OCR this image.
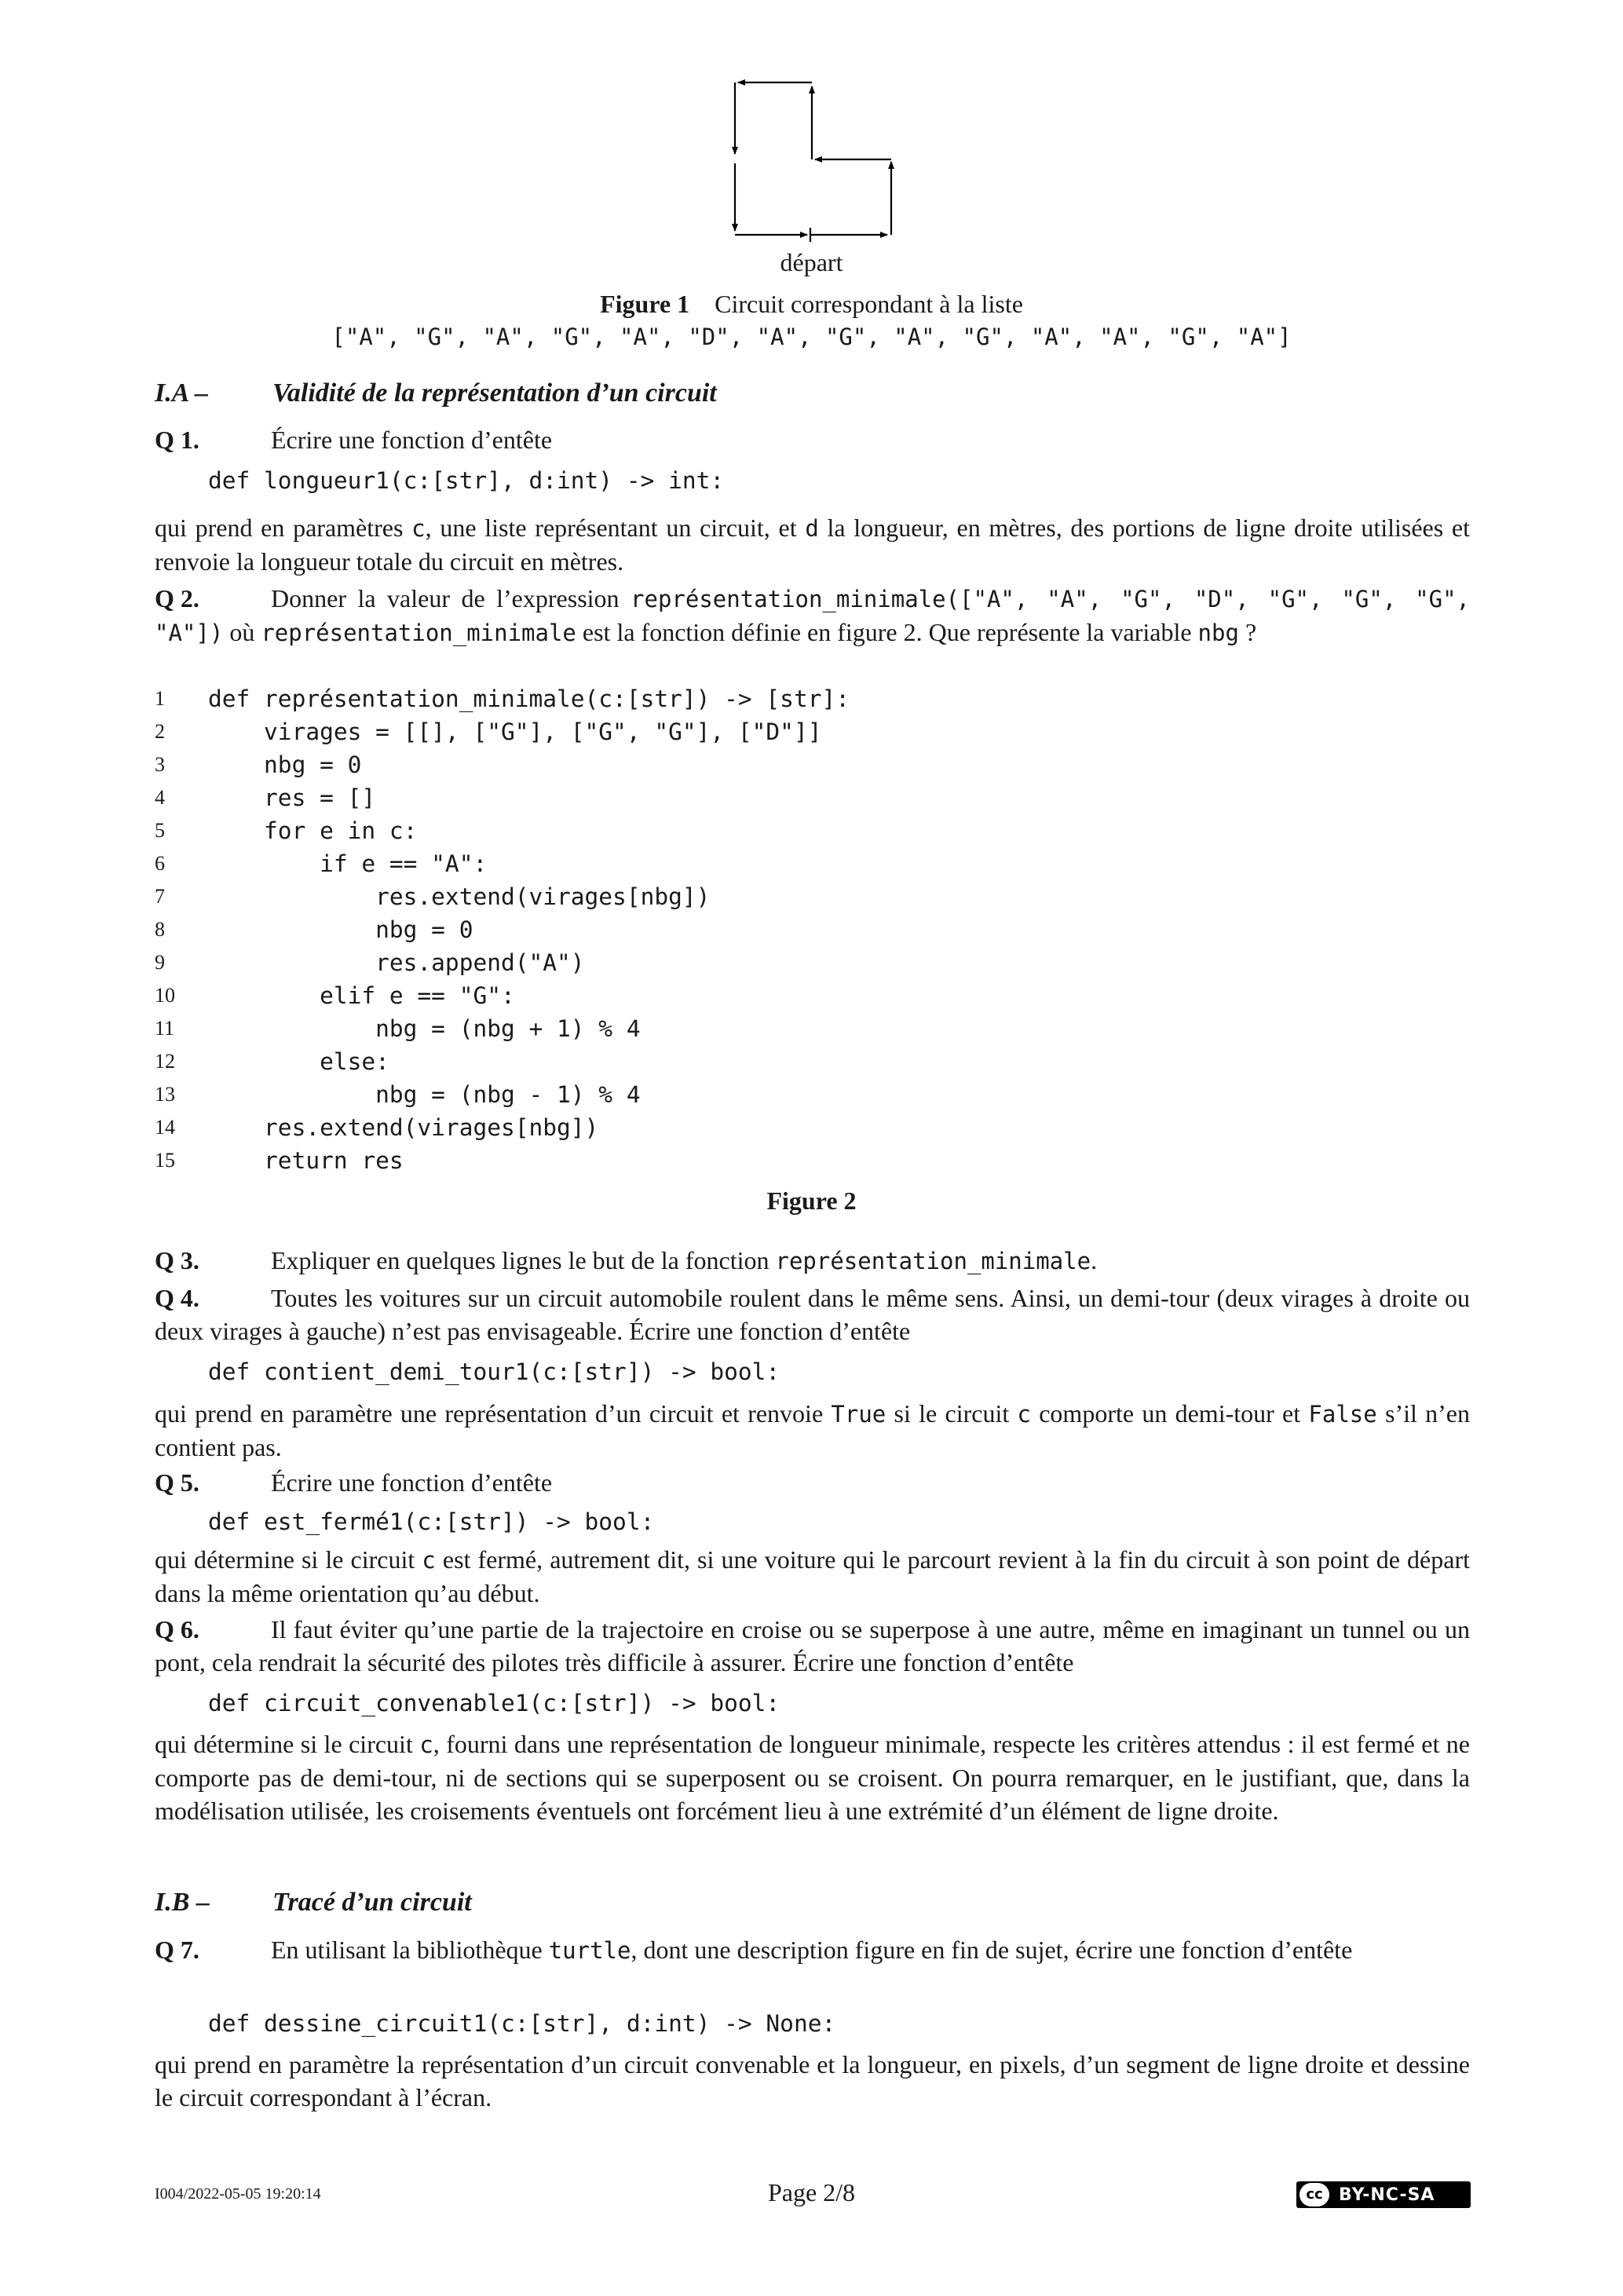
départ
Figure 1 Circuit correspondant à la liste
["A", "G", "A", "G", "A", "D", "A", "G", "A", "G", "A", "A", "G", "A"]
I.A – Validité de la représentation d’un circuit
Q 1.	Écrire une fonction d’entête
def longueur1(c:[str], d:int) -> int:
qui prend en paramètres c, une liste représentant un circuit, et d la longueur, en mètres, des portions de ligne droite utilisées et renvoie la longueur totale du circuit en mètres.
Q 2.	Donner la valeur de l’expression représentation_minimale(["A", "A", "G", "D", "G", "G", "G", "A"]) où représentation_minimale est la fonction définie en figure 2. Que représente la variable nbg ?
1	def représentation_minimale(c:[str]) -> [str]:
2	virages = [[], ["G"], ["G", "G"], ["D"]]
3	nbg = 0
4	res = []
5	for e in c:
6	if e == "A":
7	res.extend(virages[nbg])
8	nbg = 0
9	res.append("A")
10	elif e == "G":
11	nbg = (nbg + 1) % 4
12	else:
13	nbg = (nbg - 1) % 4
14	res.extend(virages[nbg])
15	return res
Figure 2
Q 3.	Expliquer en quelques lignes le but de la fonction représentation_minimale.
Q 4.	Toutes les voitures sur un circuit automobile roulent dans le même sens. Ainsi, un demi-tour (deux virages à droite ou deux virages à gauche) n’est pas envisageable. Écrire une fonction d’entête
def contient_demi_tour1(c:[str]) -> bool:
qui prend en paramètre une représentation d’un circuit et renvoie True si le circuit c comporte un demi-tour et False s’il n’en contient pas.
Q 5.	Écrire une fonction d’entête
def est_fermé1(c:[str]) -> bool:
qui détermine si le circuit c est fermé, autrement dit, si une voiture qui le parcourt revient à la fin du circuit à son point de départ dans la même orientation qu’au début.
Q 6.	Il faut éviter qu’une partie de la trajectoire en croise ou se superpose à une autre, même en imaginant un tunnel ou un pont, cela rendrait la sécurité des pilotes très difficile à assurer. Écrire une fonction d’entête
def circuit_convenable1(c:[str]) -> bool:
qui détermine si le circuit c, fourni dans une représentation de longueur minimale, respecte les critères attendus : il est fermé et ne comporte pas de demi-tour, ni de sections qui se superposent ou se croisent. On pourra remarquer, en le justifiant, que, dans la modélisation utilisée, les croisements éventuels ont forcément lieu à une extrémité d’un élément de ligne droite.
I.B – Tracé d’un circuit
Q 7.	En utilisant la bibliothèque turtle, dont une description figure en fin de sujet, écrire une fonction d’entête
def dessine_circuit1(c:[str], d:int) -> None:
qui prend en paramètre la représentation d’un circuit convenable et la longueur, en pixels, d’un segment de ligne droite et dessine le circuit correspondant à l’écran.
I004/2022-05-05 19:20:14	Page 2/8	cc BY-NC-SA
